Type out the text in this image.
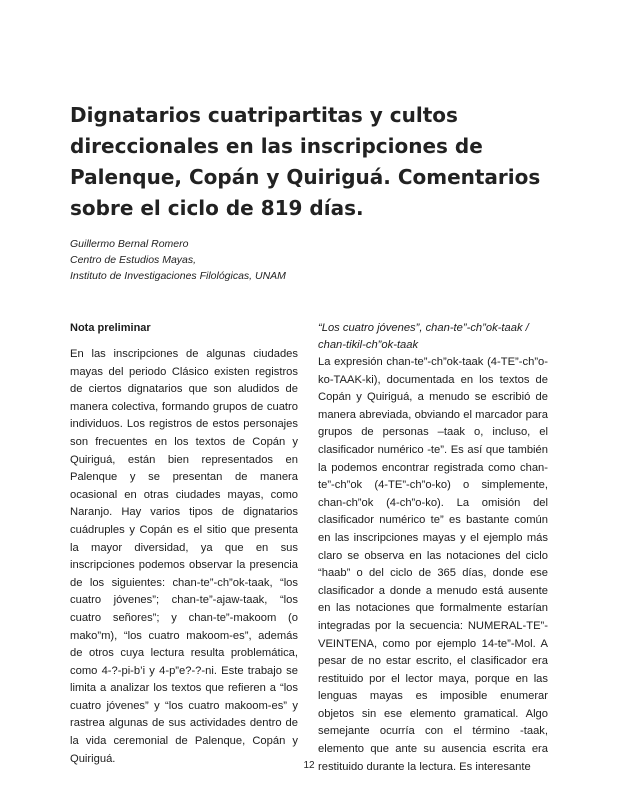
Dignatarios cuatripartitas y cultos direccionales en las inscripciones de Palenque, Copán y Quiriguá. Comentarios sobre el ciclo de 819 días.
Guillermo Bernal Romero
Centro de Estudios Mayas,
Instituto de Investigaciones Filológicas, UNAM
Nota preliminar

En las inscripciones de algunas ciudades mayas del periodo Clásico existen registros de ciertos dignatarios que son aludidos de manera colectiva, formando grupos de cuatro individuos. Los registros de estos personajes son frecuentes en los textos de Copán y Quiriguá, están bien representados en Palenque y se presentan de manera ocasional en otras ciudades mayas, como Naranjo. Hay varios tipos de dignatarios cuádruples y Copán es el sitio que presenta la mayor diversidad, ya que en sus inscripciones podemos observar la presencia de los siguientes: chan-te”-ch”ok-taak, “los cuatro jóvenes”; chan-te”-ajaw-taak, “los cuatro señores”; y chan-te”-makoom (o mako”m), “los cuatro makoom-es”, además de otros cuya lectura resulta problemática, como 4-?-pi-b’i y 4-p”e?-?-ni. Este trabajo se limita a analizar los textos que refieren a “los cuatro jóvenes” y “los cuatro makoom-es” y rastrea algunas de sus actividades dentro de la vida ceremonial de Palenque, Copán y Quiriguá.

“Los cuatro jóvenes”, chan-te”-ch”ok-taak / chan-tikil-ch”ok-taak

La expresión chan-te”-ch”ok-taak (4-TE”-ch”o-ko-TAAK-ki), documentada en los textos de Copán y Quiriguá, a menudo se escribió de manera abreviada, obviando el marcador para grupos de personas –taak o, incluso, el clasificador numérico -te”. Es así que también la podemos encontrar registrada como chan-te”-ch”ok (4-TE”-ch”o-ko) o simplemente, chan-ch”ok (4-ch”o-ko). La omisión del clasificador numérico te” es bastante común en las inscripciones mayas y el ejemplo más claro se observa en las notaciones del ciclo “haab” o del ciclo de 365 días, donde ese clasificador a donde a menudo está ausente en las notaciones que formalmente estarían integradas por la secuencia: NUMERAL-TE”-VEINTENA, como por ejemplo 14-te”-Mol. A pesar de no estar escrito, el clasificador era restituido por el lector maya, porque en las lenguas mayas es imposible enumerar objetos sin ese elemento gramatical. Algo semejante ocurría con el término -taak, elemento que ante su ausencia escrita era restituido durante la lectura. Es interesante

12
